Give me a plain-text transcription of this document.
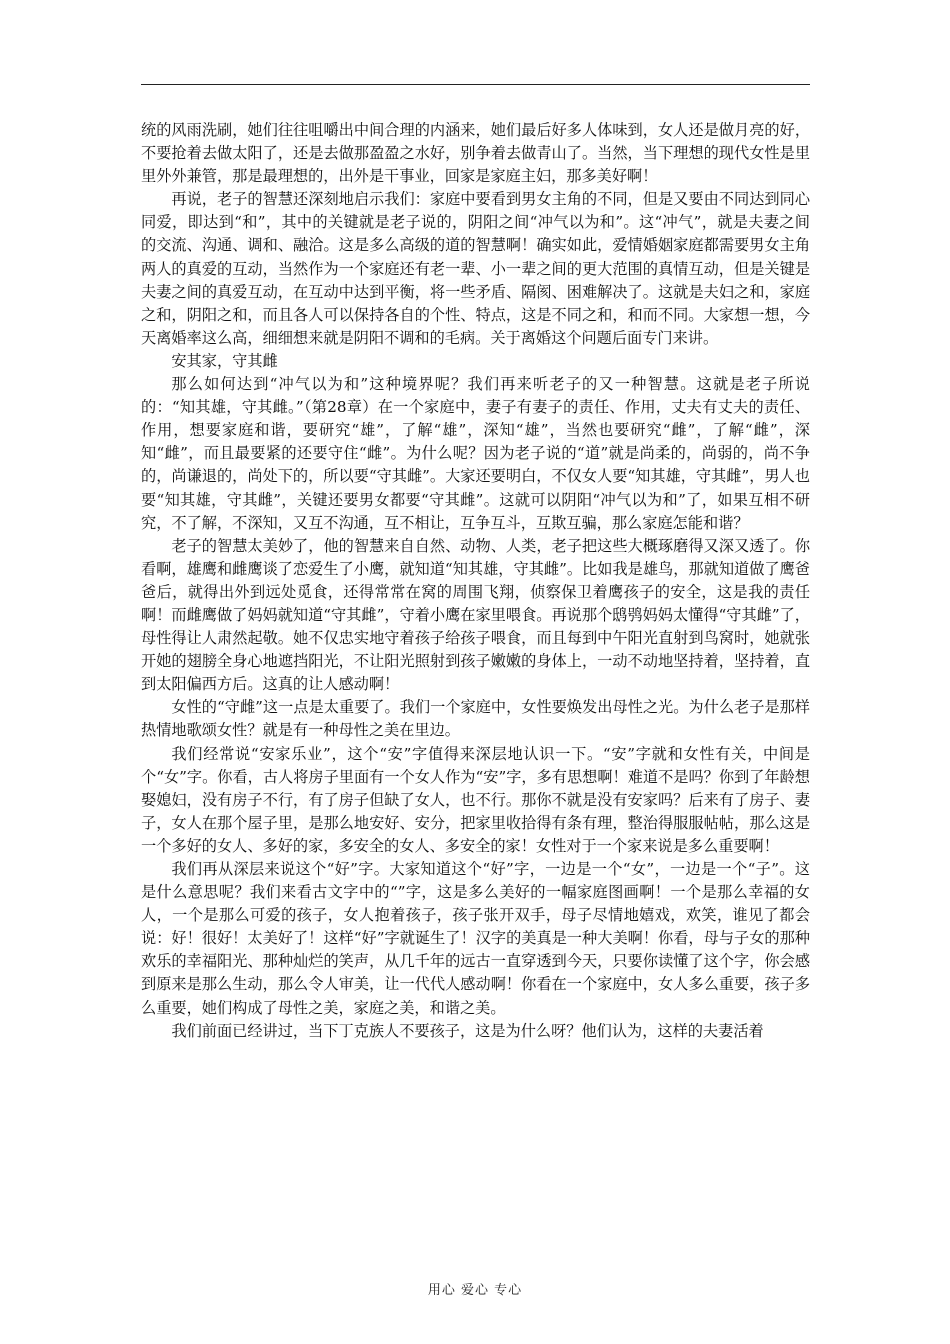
统的风雨洗刷，她们往往咀嚼出中间合理的内涵来，她们最后好多人体味到，女人还是做月亮的好，不要抢着去做太阳了，还是去做那盈盈之水好，别争着去做青山了。当然，当下理想的现代女性是里里外外兼管，那是最理想的，出外是干事业，回家是家庭主妇，那多美好啊！

再说，老子的智慧还深刻地启示我们：家庭中要看到男女主角的不同，但是又要由不同达到同心同爱，即达到“和”，其中的关键就是老子说的，阴阳之间“冲气以为和”。这“冲气”，就是夫妻之间的交流、沟通、调和、融洽。这是多么高级的道的智慧啊！确实如此，爱情婚姻家庭都需要男女主角两人的真爱的互动，当然作为一个家庭还有老一辈、小一辈之间的更大范围的真情互动，但是关键是夫妻之间的真爱互动，在互动中达到平衡，将一些矛盾、隔阂、困难解决了。这就是夫妇之和，家庭之和，阴阳之和，而且各人可以保持各自的个性、特点，这是不同之和，和而不同。大家想一想，今天离婚率这么高，细细想来就是阴阳不调和的毛病。关于离婚这个问题后面专门来讲。

安其家，守其雌

那么如何达到“冲气以为和”这种境界呢？我们再来听老子的又一种智慧。这就是老子所说的：“知其雄，守其雌。”（第28章）在一个家庭中，妻子有妻子的责任、作用，丈夫有丈夫的责任、作用，想要家庭和谐，要研究“雄”，了解“雄”，深知“雄”，当然也要研究“雌”，了解“雌”，深知“雌”，而且最要紧的还要守住“雌”。为什么呢？因为老子说的“道”就是尚柔的，尚弱的，尚不争的，尚谦退的，尚处下的，所以要“守其雌”。大家还要明白，不仅女人要“知其雄，守其雌”，男人也要“知其雄，守其雌”，关键还要男女都要“守其雌”。这就可以阴阳“冲气以为和”了，如果互相不研究，不了解，不深知，又互不沟通，互不相让，互争互斗，互欺互骗，那么家庭怎能和谐？

老子的智慧太美妙了，他的智慧来自自然、动物、人类，老子把这些大概琢磨得又深又透了。你看啊，雄鹰和雌鹰谈了恋爱生了小鹰，就知道“知其雄，守其雌”。比如我是雄鸟，那就知道做了鹰爸爸后，就得出外到远处觅食，还得常常在窝的周围飞翔，侦察保卫着鹰孩子的安全，这是我的责任啊！而雌鹰做了妈妈就知道“守其雌”，守着小鹰在家里喂食。再说那个鸱鸮妈妈太懂得“守其雌”了，母性得让人肃然起敬。她不仅忠实地守着孩子给孩子喂食，而且每到中午阳光直射到鸟窝时，她就张开她的翅膀全身心地遮挡阳光，不让阳光照射到孩子嫩嫩的身体上，一动不动地坚持着，坚持着，直到太阳偏西方后。这真的让人感动啊！

女性的“守雌”这一点是太重要了。我们一个家庭中，女性要焕发出母性之光。为什么老子是那样热情地歌颂女性？就是有一种母性之美在里边。

我们经常说“安家乐业”，这个“安”字值得来深层地认识一下。“安”字就和女性有关，中间是个“女”字。你看，古人将房子里面有一个女人作为“安”字，多有思想啊！难道不是吗？你到了年龄想娶媳妇，没有房子不行，有了房子但缺了女人，也不行。那你不就是没有安家吗？后来有了房子、妻子，女人在那个屋子里，是那么地安好、安分，把家里收拾得有条有理，整治得服服帖帖，那么这是一个多好的女人、多好的家，多安全的女人、多安全的家！女性对于一个家来说是多么重要啊！

我们再从深层来说这个“好”字。大家知道这个“好”字，一边是一个“女”，一边是一个“子”。这是什么意思呢？我们来看古文字中的“”字，这是多么美好的一幅家庭图画啊！一个是那么幸福的女人，一个是那么可爱的孩子，女人抱着孩子，孩子张开双手，母子尽情地嬉戏，欢笑，谁见了都会说：好！很好！太美好了！这样“好”字就诞生了！汉字的美真是一种大美啊！你看，母与子女的那种欢乐的幸福阳光、那种灿烂的笑声，从几千年的远古一直穿透到今天，只要你读懂了这个字，你会感到原来是那么生动，那么令人审美，让一代代人感动啊！你看在一个家庭中，女人多么重要，孩子多么重要，她们构成了母性之美，家庭之美，和谐之美。

我们前面已经讲过，当下丁克族人不要孩子，这是为什么呀？他们认为，这样的夫妻活着

用心 爱心 专心
